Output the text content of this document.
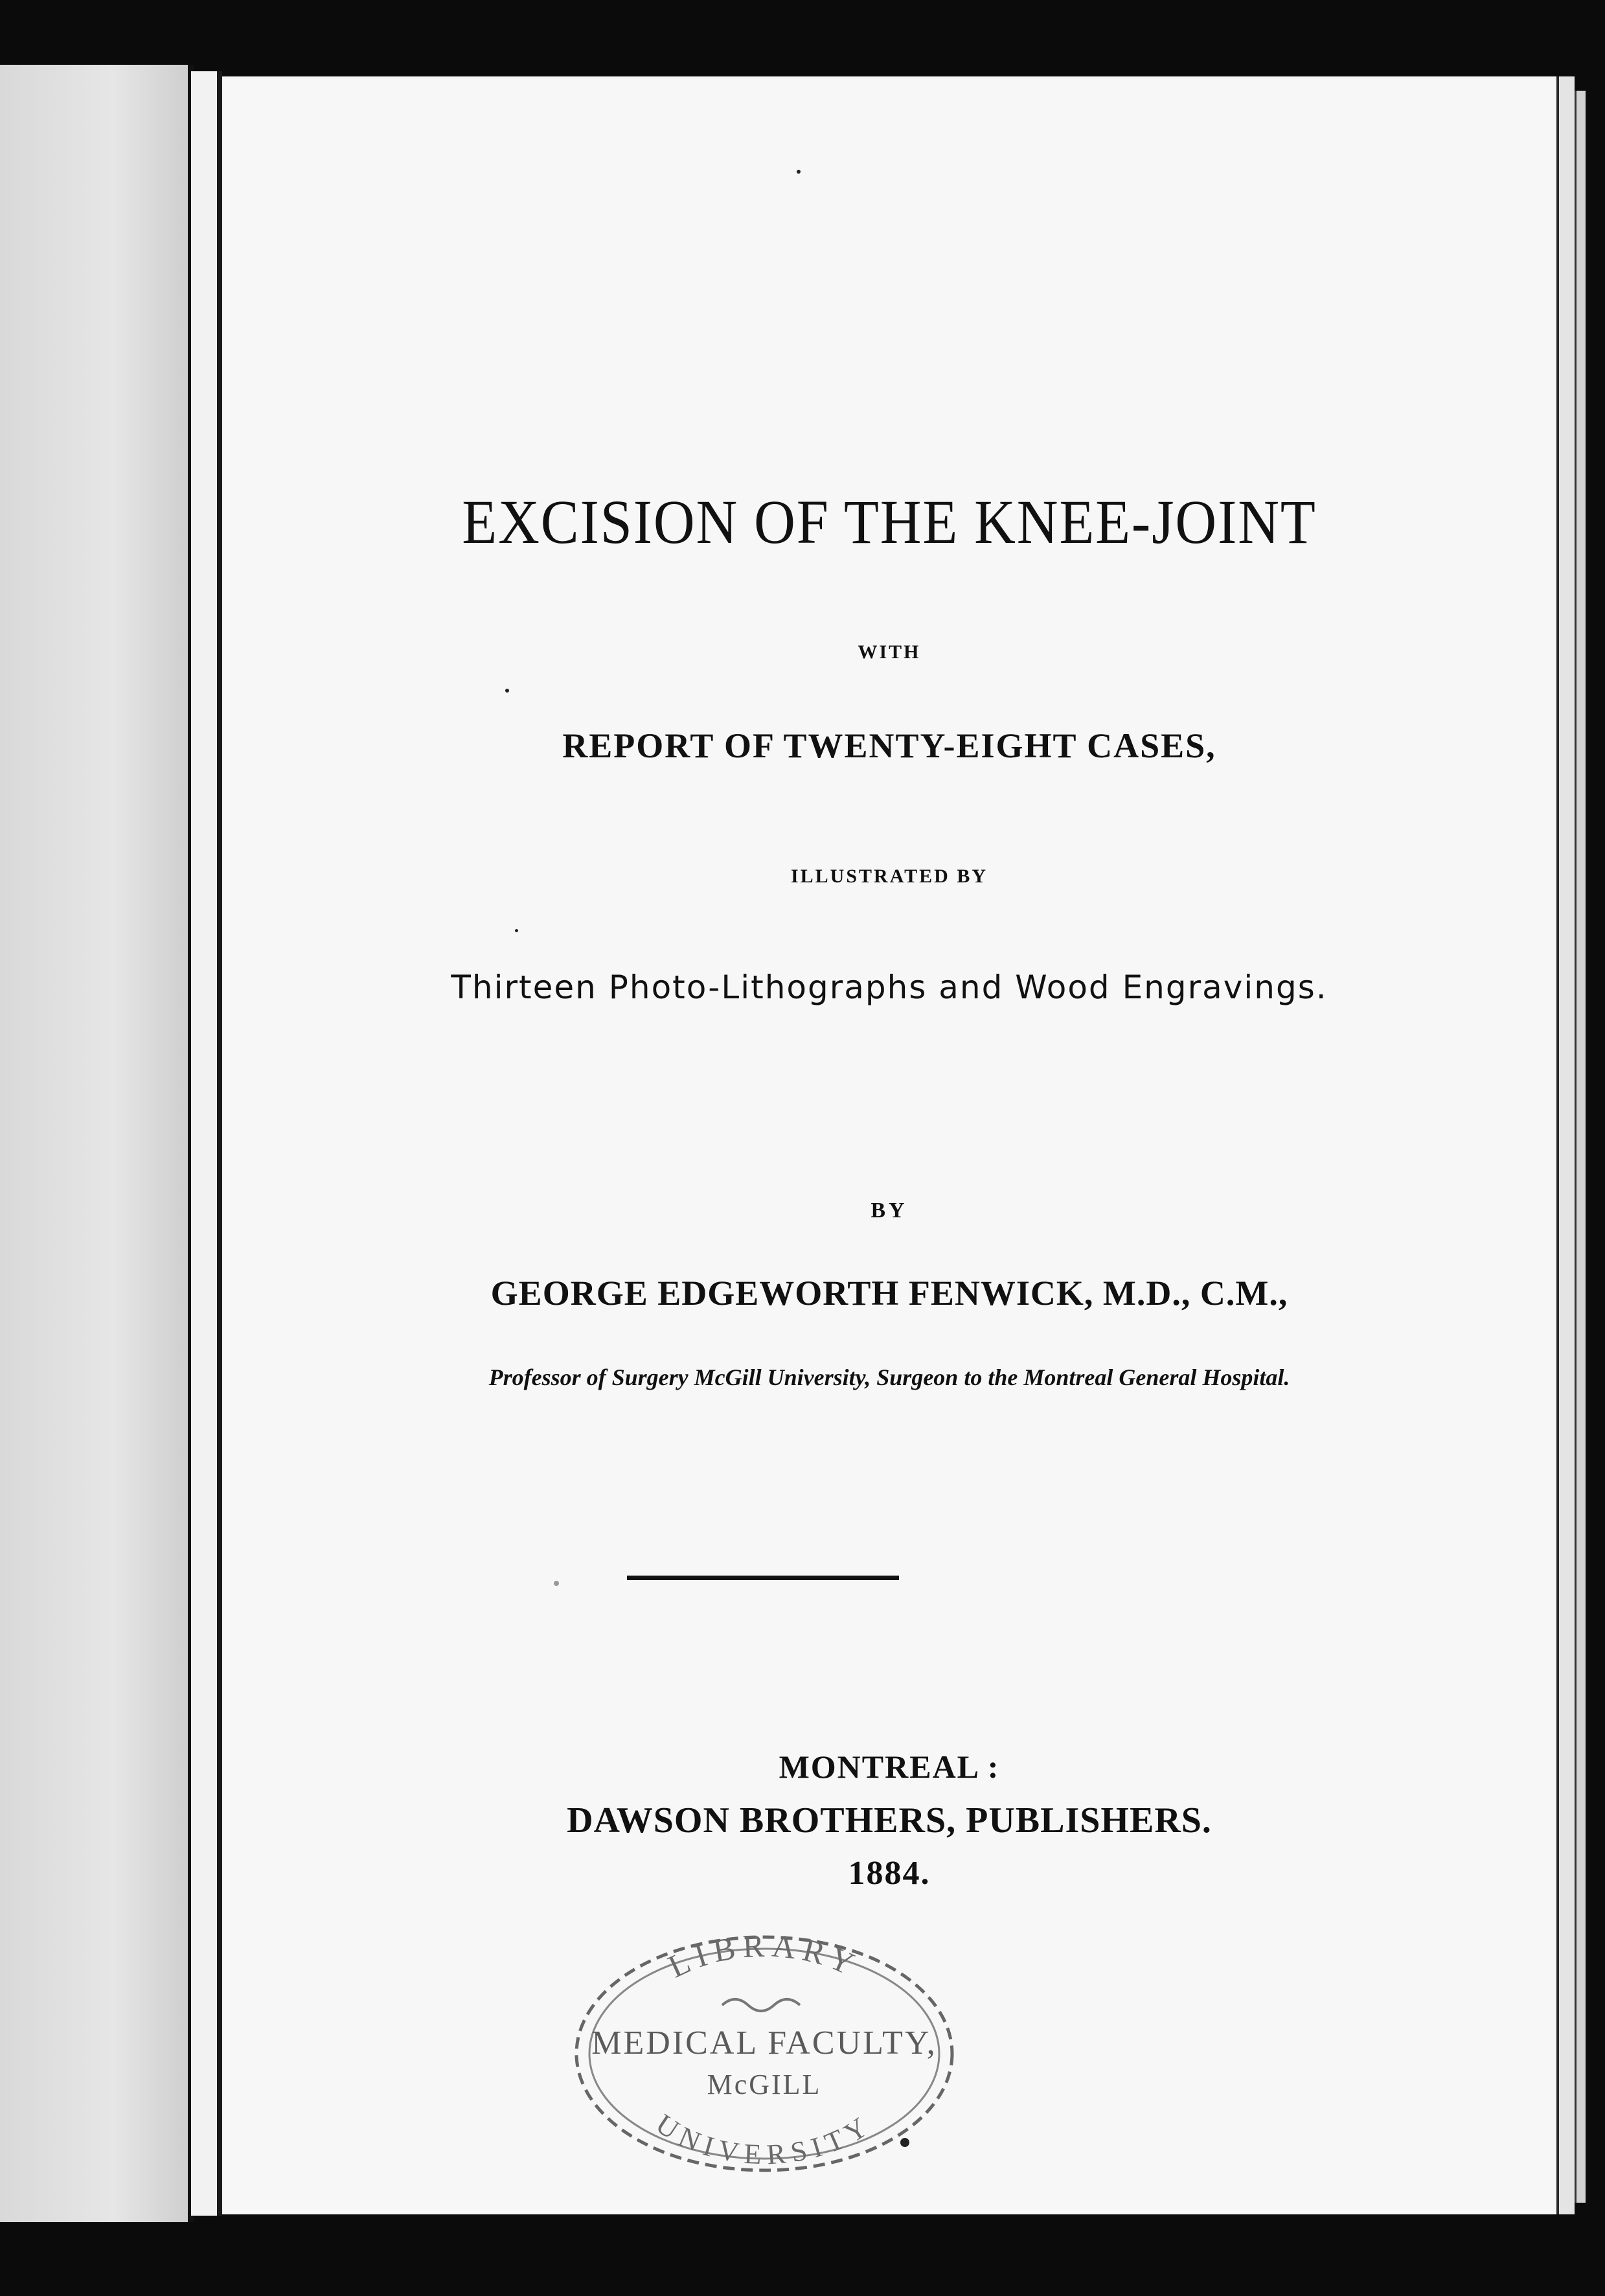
EXCISION OF THE KNEE-JOINT
WITH
REPORT OF TWENTY-EIGHT CASES,
ILLUSTRATED BY
Thirteen Photo-Lithographs and Wood Engravings.
BY
GEORGE EDGEWORTH FENWICK, M.D., C.M.,
Professor of Surgery McGill University, Surgeon to the Montreal General Hospital.
MONTREAL :
DAWSON BROTHERS, PUBLISHERS.
1884.
LIBRARY
MEDICAL FACULTY,
McGILL
UNIVERSITY
